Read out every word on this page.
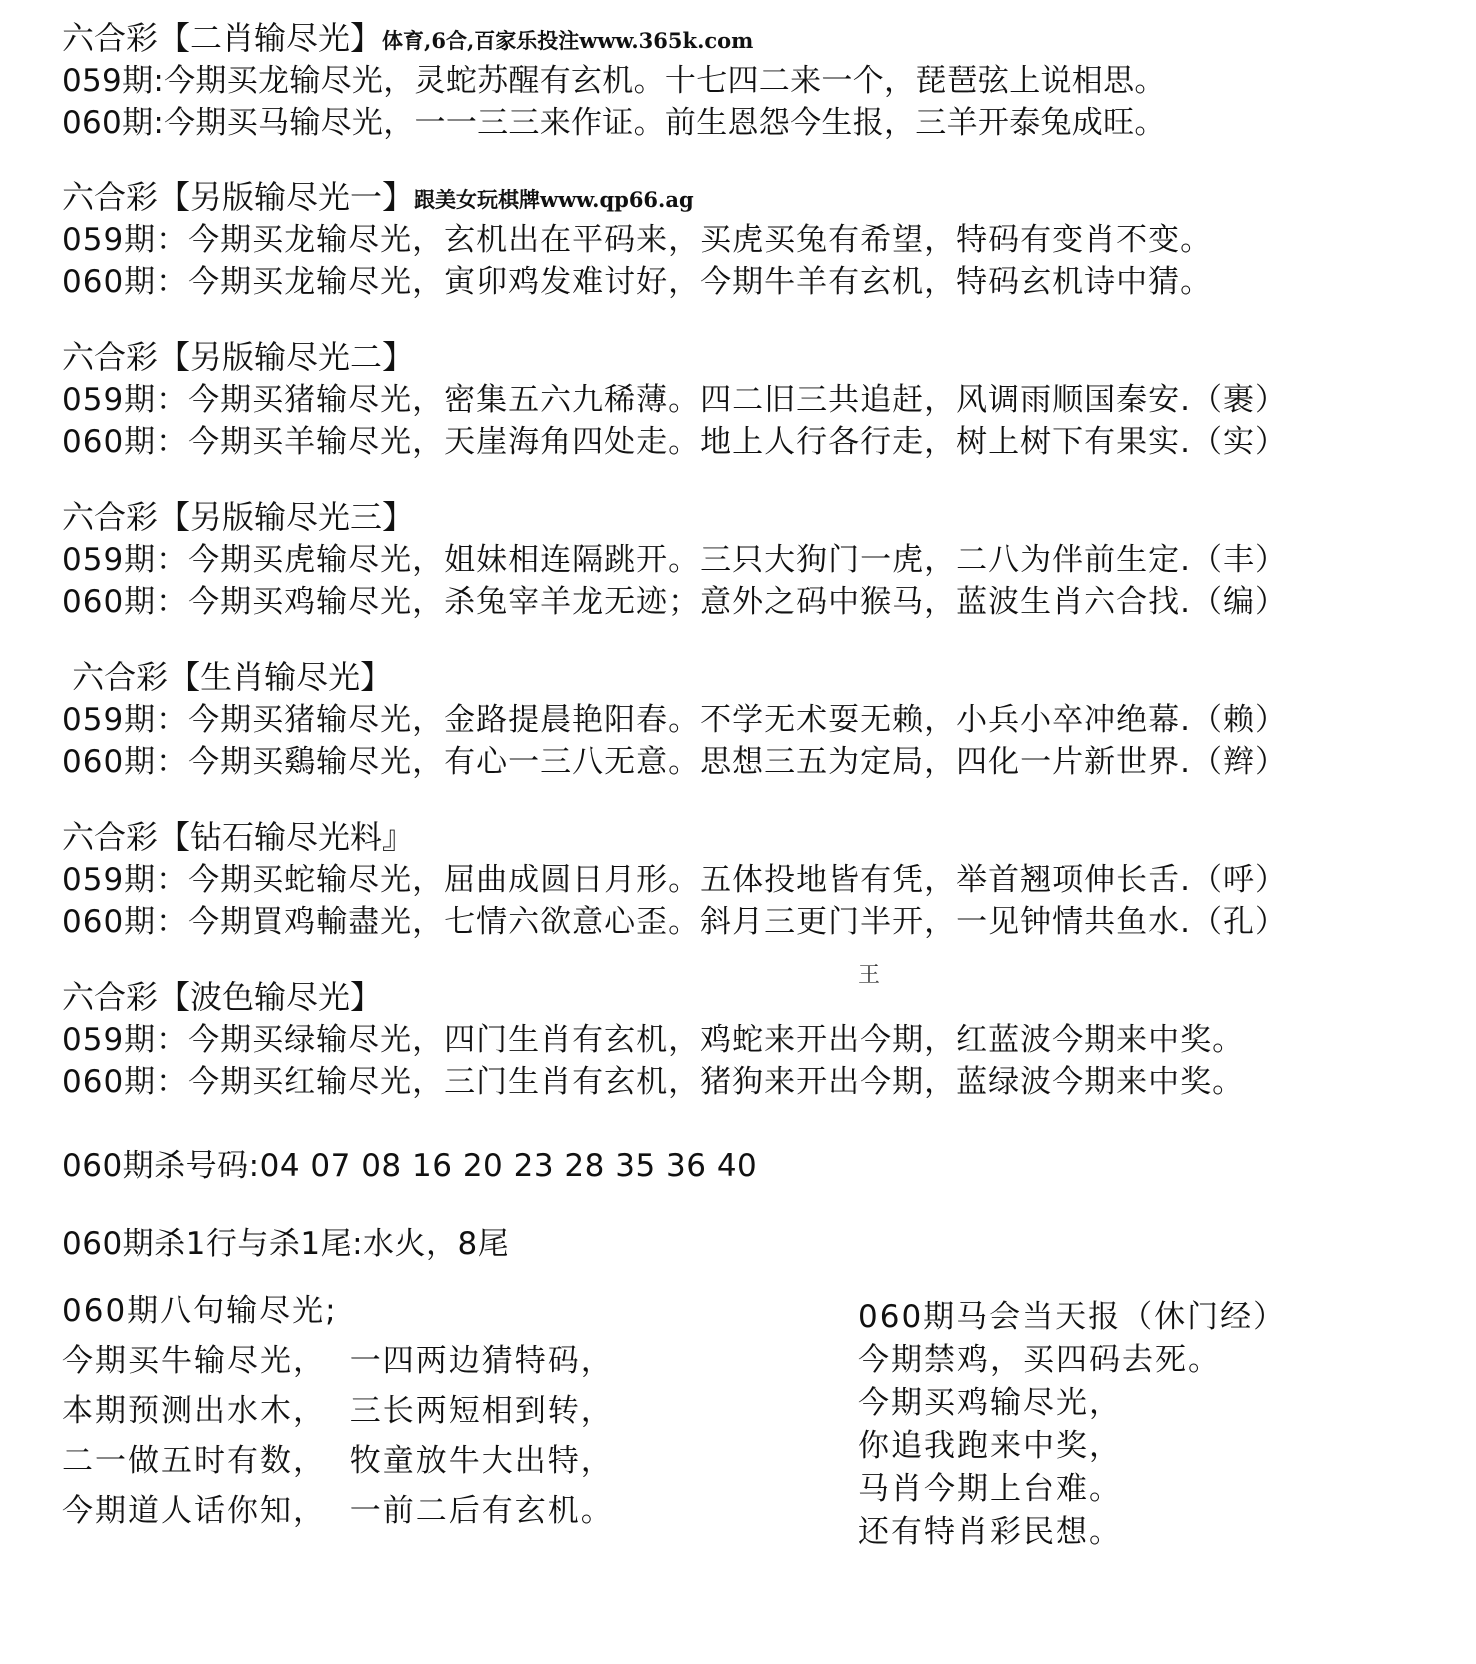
六合彩【二肖输尽光】体育,6合,百家乐投注www.365k.com
059期:今期买龙输尽光，灵蛇苏醒有玄机。十七四二来一个，琵琶弦上说相思。
060期:今期买马输尽光，一一三三来作证。前生恩怨今生报，三羊开泰兔成旺。
六合彩【另版输尽光一】跟美女玩棋牌www.qp66.ag
059期：今期买龙输尽光，玄机出在平码来，买虎买兔有希望，特码有变肖不变。
060期：今期买龙输尽光，寅卯鸡发难讨好，今期牛羊有玄机，特码玄机诗中猜。
六合彩【另版输尽光二】
059期：今期买猪输尽光，密集五六九稀薄。四二旧三共追赶，风调雨顺国秦安.（裹）
060期：今期买羊输尽光，天崖海角四处走。地上人行各行走，树上树下有果实.（实）
六合彩【另版输尽光三】
059期：今期买虎输尽光，姐妹相连隔跳开。三只大狗门一虎，二八为伴前生定.（丰）
060期：今期买鸡输尽光，杀兔宰羊龙无迹；意外之码中猴马，蓝波生肖六合找.（编）
六合彩【生肖输尽光】
059期：今期买猪输尽光，金路提晨艳阳春。不学无术耍无赖，小兵小卒冲绝幕.（赖）
060期：今期买鷄输尽光，有心一三八无意。思想三五为定局，四化一片新世界.（辫）
六合彩【钻石输尽光料』
059期：今期买蛇输尽光，屈曲成圆日月形。五体投地皆有凭，举首翘项伸长舌.（呼）
060期：今期買鸡輸盡光，七情六欲意心歪。斜月三更门半开，一见钟情共鱼水.（孔）
王
六合彩【波色输尽光】
059期：今期买绿输尽光，四门生肖有玄机，鸡蛇来开出今期，红蓝波今期来中奖。
060期：今期买红输尽光，三门生肖有玄机，猪狗来开出今期，蓝绿波今期来中奖。
060期杀号码:04 07 08 16 20 23 28 35 36 40
060期杀1行与杀1尾:水火，8尾
060期八句输尽光;
今期买牛输尽光，  一四两边猜特码，
本期预测出水木，  三长两短相到转，
二一做五时有数，  牧童放牛大出特，
今期道人话你知，  一前二后有玄机。
060期马会当天报（休门经）
今期禁鸡，买四码去死。
今期买鸡输尽光，
你追我跑来中奖，
马肖今期上台难。
还有特肖彩民想。
